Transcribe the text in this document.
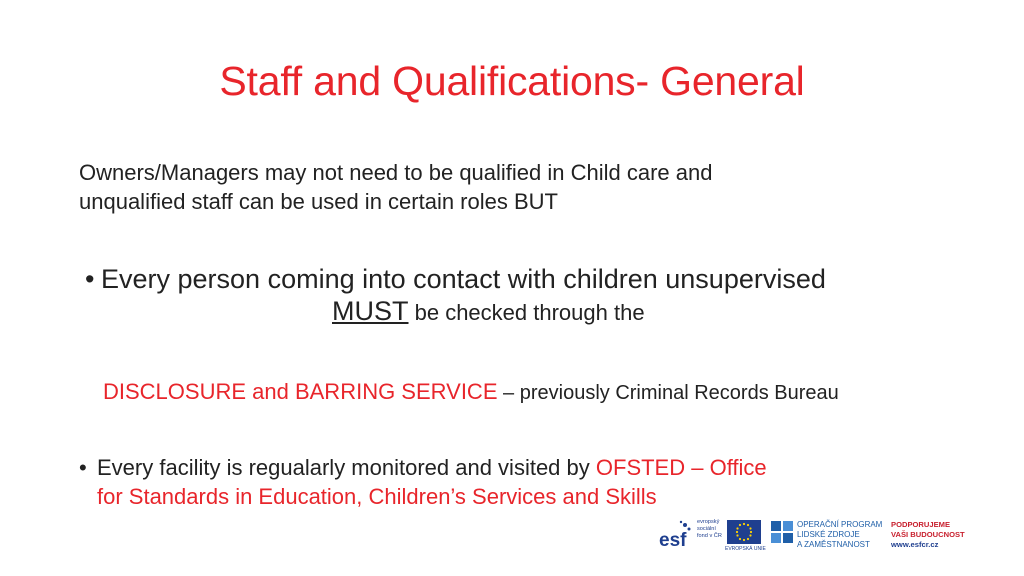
Staff and Qualifications- General
Owners/Managers may not need to be qualified in Child care and
unqualified staff can be used in certain roles BUT
• Every person coming into contact with children unsupervised
MUST be checked through the
DISCLOSURE and BARRING SERVICE – previously Criminal Records Bureau
• Every facility is regualarly monitored and visited by OFSTED – Office
for Standards in Education, Children’s Services and Skills
esf
evropský
sociální
fond v ČR
EVROPSKÁ UNIE
OPERAČNÍ PROGRAM
LIDSKÉ ZDROJE
A ZAMĚSTNANOST
PODPORUJEME
VAŠI BUDOUCNOST
www.esfcr.cz
